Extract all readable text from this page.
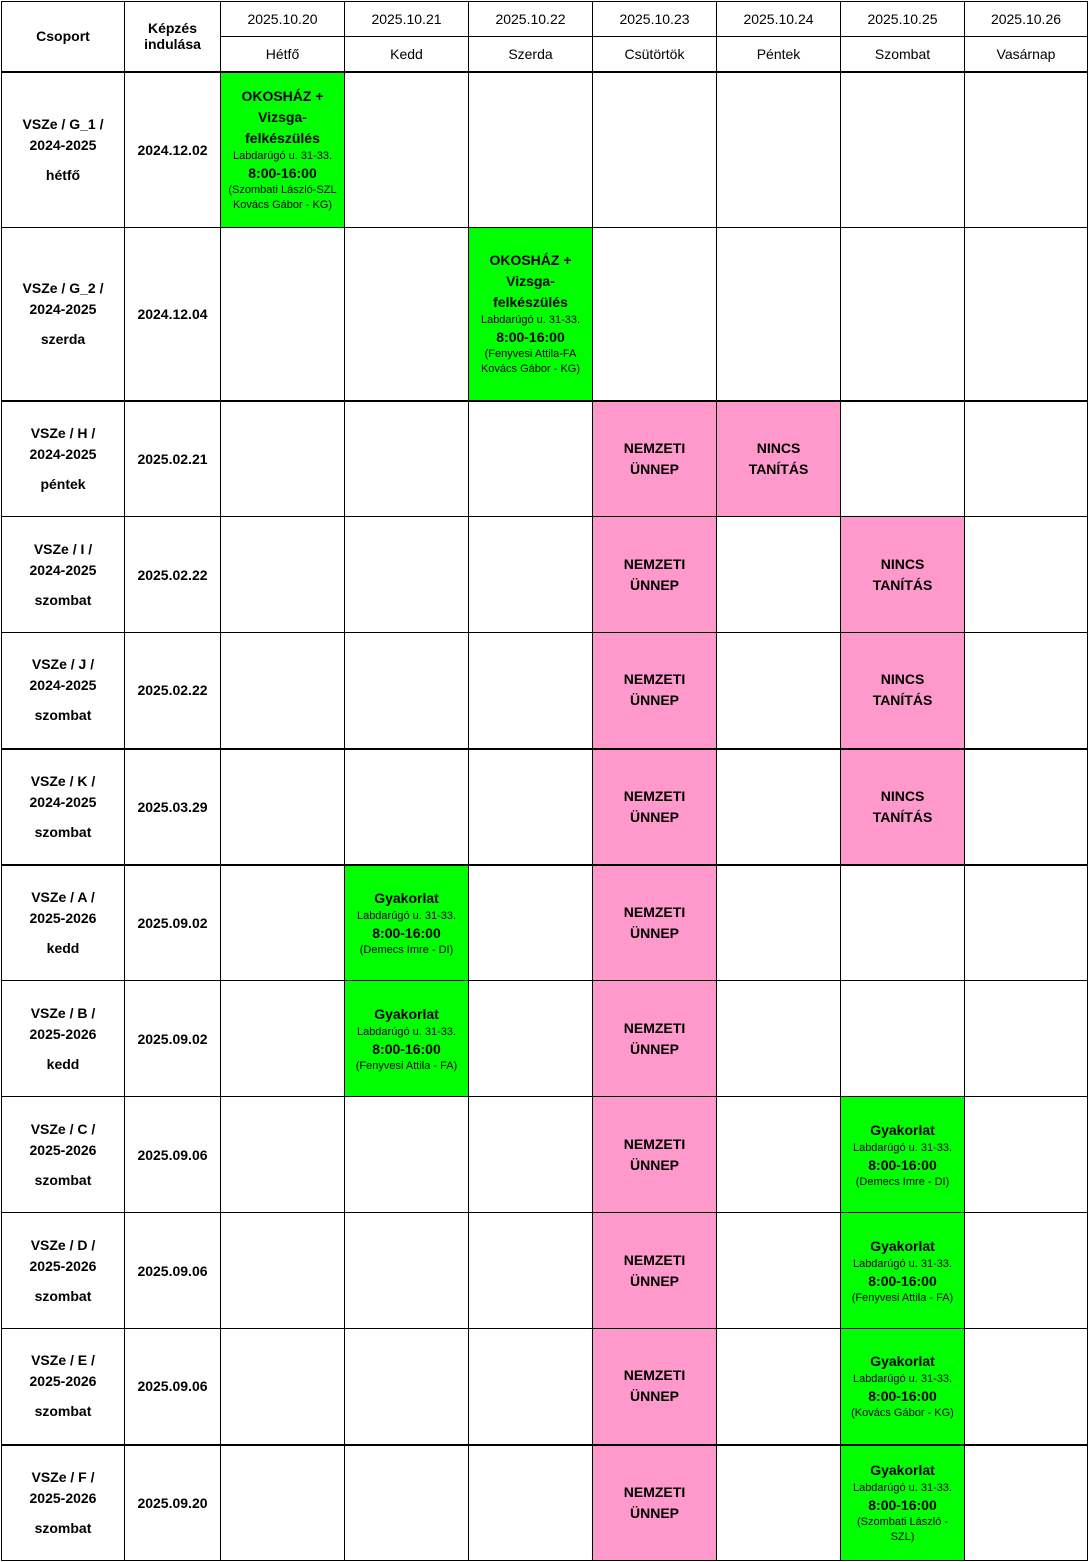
Csoport	Képzés indulása	2025.10.20	2025.10.21	2025.10.22	2025.10.23	2025.10.24	2025.10.25	2025.10.26
		Hétfő	Kedd	Szerda	Csütörtök	Péntek	Szombat	Vasárnap

VSZe / G_1 / 2024-2025
hétfő	2024.12.02	OKOSHÁZ + Vizsga-felkészülés
Labdarúgó u. 31-33.
8:00-16:00
(Szombati László-SZL Kovács Gábor - KG)						

VSZe / G_2 / 2024-2025
szerda	2024.12.04			OKOSHÁZ + Vizsga-felkészülés
Labdarúgó u. 31-33.
8:00-16:00
(Fenyvesi Attila-FA Kovács Gábor - KG)				

VSZe / H / 2024-2025
péntek	2025.02.21				NEMZETI ÜNNEP	NINCS TANÍTÁS		

VSZe / I / 2024-2025
szombat	2025.02.22				NEMZETI ÜNNEP		NINCS TANÍTÁS	

VSZe / J / 2024-2025
szombat	2025.02.22				NEMZETI ÜNNEP		NINCS TANÍTÁS	

VSZe / K / 2024-2025
szombat	2025.03.29				NEMZETI ÜNNEP		NINCS TANÍTÁS	

VSZe / A / 2025-2026
kedd	2025.09.02		Gyakorlat
Labdarúgó u. 31-33.
8:00-16:00
(Demecs Imre - DI)		NEMZETI ÜNNEP			

VSZe / B / 2025-2026
kedd	2025.09.02		Gyakorlat
Labdarúgó u. 31-33.
8:00-16:00
(Fenyvesi Attila - FA)		NEMZETI ÜNNEP			

VSZe / C / 2025-2026
szombat	2025.09.06				NEMZETI ÜNNEP		Gyakorlat
Labdarúgó u. 31-33.
8:00-16:00
(Demecs Imre - DI)	

VSZe / D / 2025-2026
szombat	2025.09.06				NEMZETI ÜNNEP		Gyakorlat
Labdarúgó u. 31-33.
8:00-16:00
(Fenyvesi Attila - FA)	

VSZe / E / 2025-2026
szombat	2025.09.06				NEMZETI ÜNNEP		Gyakorlat
Labdarúgó u. 31-33.
8:00-16:00
(Kovács Gábor - KG)	

VSZe / F / 2025-2026
szombat	2025.09.20				NEMZETI ÜNNEP		Gyakorlat
Labdarúgó u. 31-33.
8:00-16:00
(Szombati László - SZL)	
